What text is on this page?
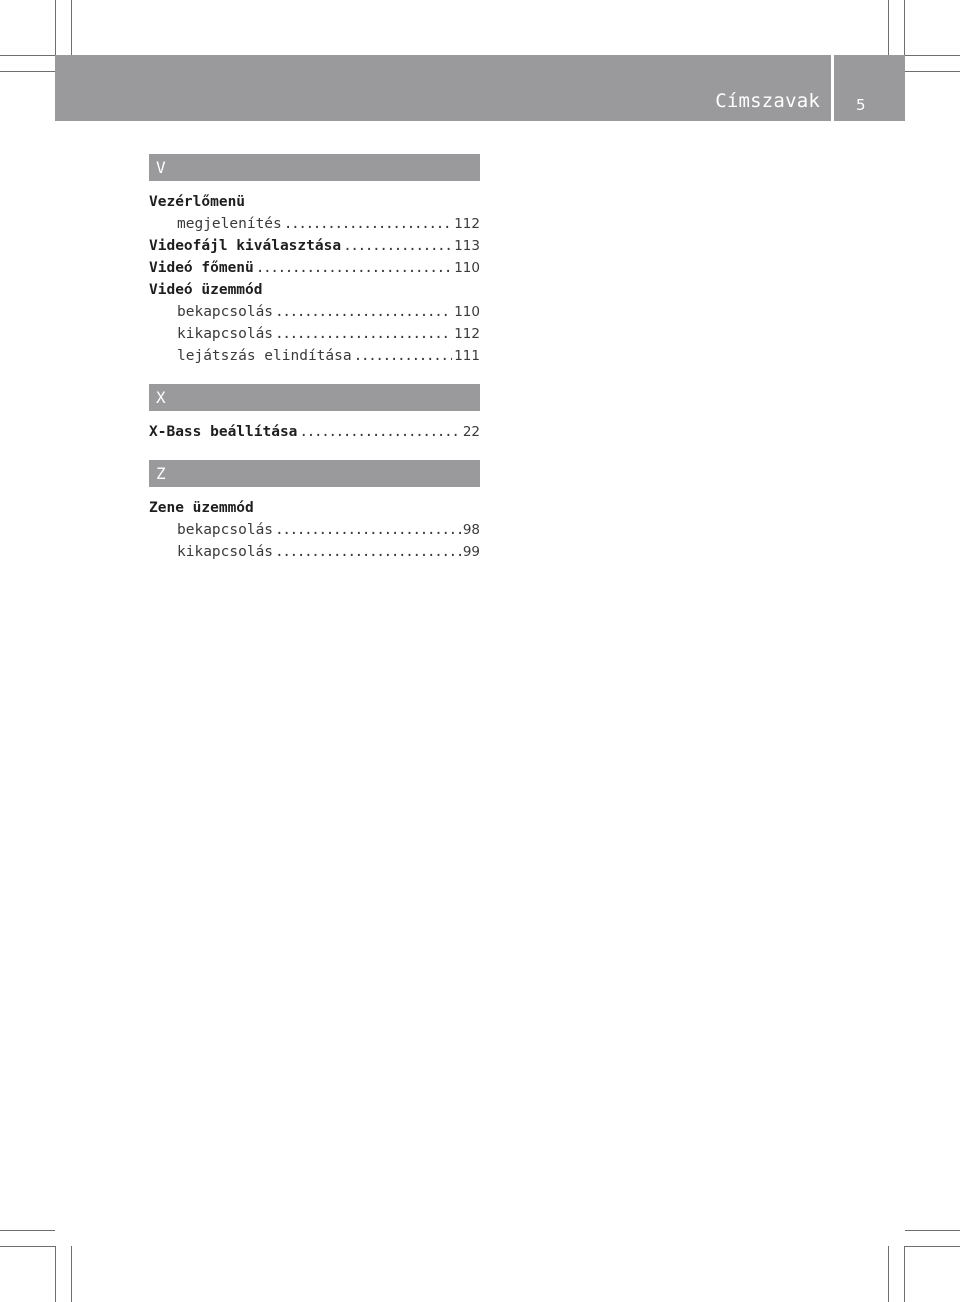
Címszavak 5
V
Vezérlőmenü
megjelenítés .....	112
Videofájl kiválasztása .....	113
Videó főmenü .....	110
Videó üzemmód
bekapcsolás .....	110
kikapcsolás .....	112
lejátszás elindítása .....	111
X
X-Bass beállítása .....	22
Z
Zene üzemmód
bekapcsolás .....	98
kikapcsolás .....	99
